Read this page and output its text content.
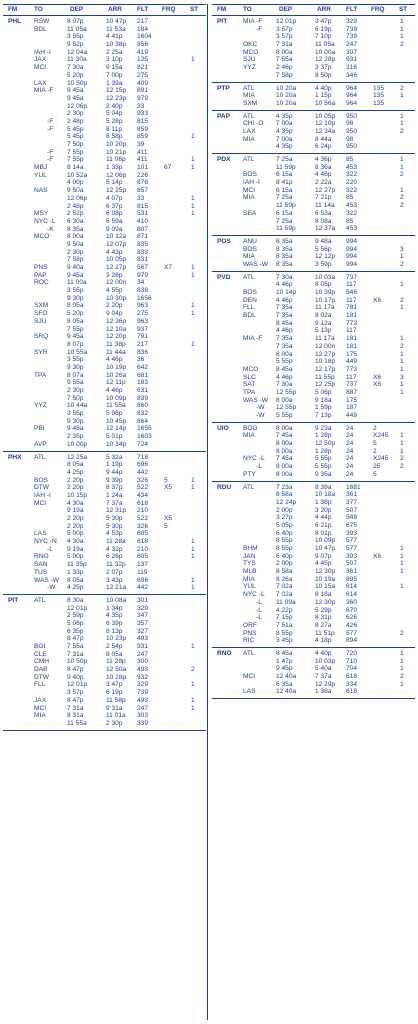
FM	TO	DEP	ARR FLT FRQ ST
PHL RSW	8 07p	10 47p 217
BDL	11 05a	11 53a 184
3 55p	4 41p 1604
9 52p	10 38p 856
IAH -I 12 04a	2 25a 419
JAX	11 30a	3 10p 125	1
MCI	7 30a	9 15a 821
5 20p	7 00p 275
LAX	10 50p	1 39a 409
MIA -F 9 45a	12 15p 891
9 45a	12 23p 979
12 06p	2 40p 33
2 30p	5 04p 933
-F 2 48p	5 28p 815
-F 5 45p	8 11p 859
5 45p	8 58p 859	1
7 50p	10 20p 39
-F 7 55p	10 21p 411
-F 7 55p	11 06p 411	1
MBJ	8 14a	1 33p 101 67	1
YUL	10 52a	12 06p 226
4 00p	5 14p 876
NAS	9 50a	12 25p 857
12 06p	4 07p 33	1
2 48p	6 37p 815	1
MSY	2 52p	6 08p 531	1
NYC -L 6 30a	6 59a 410
-K 8 35a	9 09a 807
MCO	8 00a	10 12a 871
9 50a	12 07p 835
2 30p	4 43p 833
7 58p	10 05p 831
PNS	9 40a	12 27p 567 X7	1
PAP	9 45a	3 26p 979	1
ROC	11 00a	12 00n 34
3 55p	4 55p 838
9 30p	10 30p 1656
SXM	8 05a	2 20p 963	1
SFO	5 20p	9 04p 275	1
SJU	8 05a	12 36p 963
7 55p	12 10a 937
SRQ	9 45a	12 20p 791
8 07p	11 38p 217	1
SYR	10 55a	11 44a 836
3 55p	4 46p 36
9 30p	10 19p 642
TPA	8 07a	10 26a 681
9 55a	12 11p 183
2 30p	4 46p 631
7 50p	10 09p 839
YYZ	10 44a	11 55a 860
3 55p	5 06p 832
9 30p	10 45p 864
PBI	9 48a	12 14p 1655
2 35p	5 01p 1603
AVP	10 00p	10 34p 724
PHX ATL	12 25a	5 32a 718
8 05a	1 19p 696
4 25p	9 44p 442
BOS	2 20p	9 39p 326 5	1
DTW	2 20p	8 37p 522 X5	1
IAH -I 10 15p	1 24a 434
MCI	4 30a	7 37a 618
9 19a	12 31p 210
2 20p	5 30p 522 X5
2 20p	5 30p 326 5
LAS	5 00p	4 53p 605
NYC -N 4 30a	11 28a 618	1
-L 9 19a	4 32p 210	1
RNO	5 00p	6 26p 605	1
SAN	11 35p	11 32p 137
TUS	1 33p	2 07p 119
WAS -W 8 05a	3 43p 696	1
-W 4 25p	12 21a 442	1
PIT ATL	8 30a	10 08a 301
12 01p	1 34p 329
2 59p	4 35p 347
5 06p	6 39p 357
6 35p	8 13p 327
8 47p	10 23p 493
BGI	7 55a	2 54p 931	1
CLE	7 31a	8 05a 247
CMH	10 50p	11 28p 300
DAB	8 47p	12 50a 493	2
DTW	9 40p	10 28p 932
FLL	12 01p	3 47p 329	1
3 57p	6 19p 739
JAX	8 47p	11 58p 493	1
MCI	7 31a	9 31a 247	1
MIA	8 31a	11 01a 303
11 55a	2 30p 339
FM	TO	DEP	ARR FLT FRQ ST
PIT MIA -F 12 01p	3 47p 329	1
-F 3 57p	6 19p 739	1
3 57p	7 10p 739	1
OKC	7 31a	11 05a 247	2
MCO	8 00a	10 00a 307
SJU	7 55a	12 28p 931
YYZ	2 46p	3 37p 316
7 58p	8 50p 346
PTP ATL	10 20a	4 40p 964 135 2
MIA	10 20a	1 15p 964 135 1
SXM	10 20a	10 56a 964 135
PAP ATL	4 35p	10 05p 950	1
CHI -O 7 00a	12 10p 98	1
LAX	4 35p	12 34a 950	2
MIA	7 00a	8 44a 98
4 35p	6 24p 950
PDX ATL	7 25a	4 36p 85	1
11 59p	8 36a 453	1
BOS	6 15a	4 46p 322	2
IAH -I 8 41p	2 22a 220
MCI	6 15a	12 27p 322	1
MIA	7 25a	7 21p 85	2
11 59p	11 14a 453	2
SEA	6 15a	6 53a 322
7 25a	8 08a 85
11 59p	12 37a 453
POS ANU	8 35a	9 48a 994
BOS	8 35a	5 56p 994	3
MIA	8 35a	12 12p 994	1
WAS -W 8 35a	3 59p 994	2
PVD ATL	7 30a	10 03a 737
4 46p	8 05p 117	1
BOS	10 14p	10 39p 546
DEN	4 46p	10 17p 117 X6	2
FLL	7 35a	11 17a 781	1
BDL	7 35a	8 02a 181
8 45a	9 12a 773
4 46p	5 13p 117
MIA -F 7 35a	11 17a 181	1
7 35a	12 00n 181	2
8 00a	12 27p 175	1
5 55p	10 18p 449	1
MCO	8 45a	12 17p 773	1
SLC	4 46p	11 55p 117 X6	3
SAT	7 30a	12 25p 737 X6	1
TPA	12 55p	5 06p 887	1
WAS -W 8 00a	9 18a 175
-W 12 55p	1 59p 187
-W 5 55p	7 13p 449
UIO BOG	8 00a	9 23a 24	2
MIA	7 45a	1 28p 24	X245 1
8 00a	12 50p 24	5	1
8 00a	1 28p 24	2	1
NYC -L 7 45a	5 55p 24	X245 2
-L 8 00a	5 55p 24	25	2
PTY	8 00a	9 35a 24	5
RDU ATL	7 23a	8 39a 1681
8 58a	10 18a 361
12 24p	1 38p 377
2 00p	3 20p 507
3 27p	4 44p 549
5 05p	6 21p 675
6 40p	8 01p 393
8 55p	10 09p 577
BHM	8 55p	10 47p 577	1
JAN	6 40p	9 07p 393 X6	1
TYS	2 00p	4 45p 507	1
MLB	8 58a	12 30p 361	1
MIA	8 26a	10 19a 895
YUL	7 02a	10 15a 614	1
NYC -L 7 02a	8 18a 614
-L 11 09a	12 30p 360
-L 4 22p	5 29p 670
-L 7 15p	8 31p 626
ORF	7 51a	8 27a 426
PNS	8 55p	11 51p 577	2
RIC	3 45p	4 18p 894
RNO ATL	8 45a	4 40p 720	1
1 47p	10 03p 710	1
9 45p	5 40a 704	1
MCI	12 40a	7 37a 618	2
6 35a	12 29p 334	1
LAS	12 40a	1 38a 618
